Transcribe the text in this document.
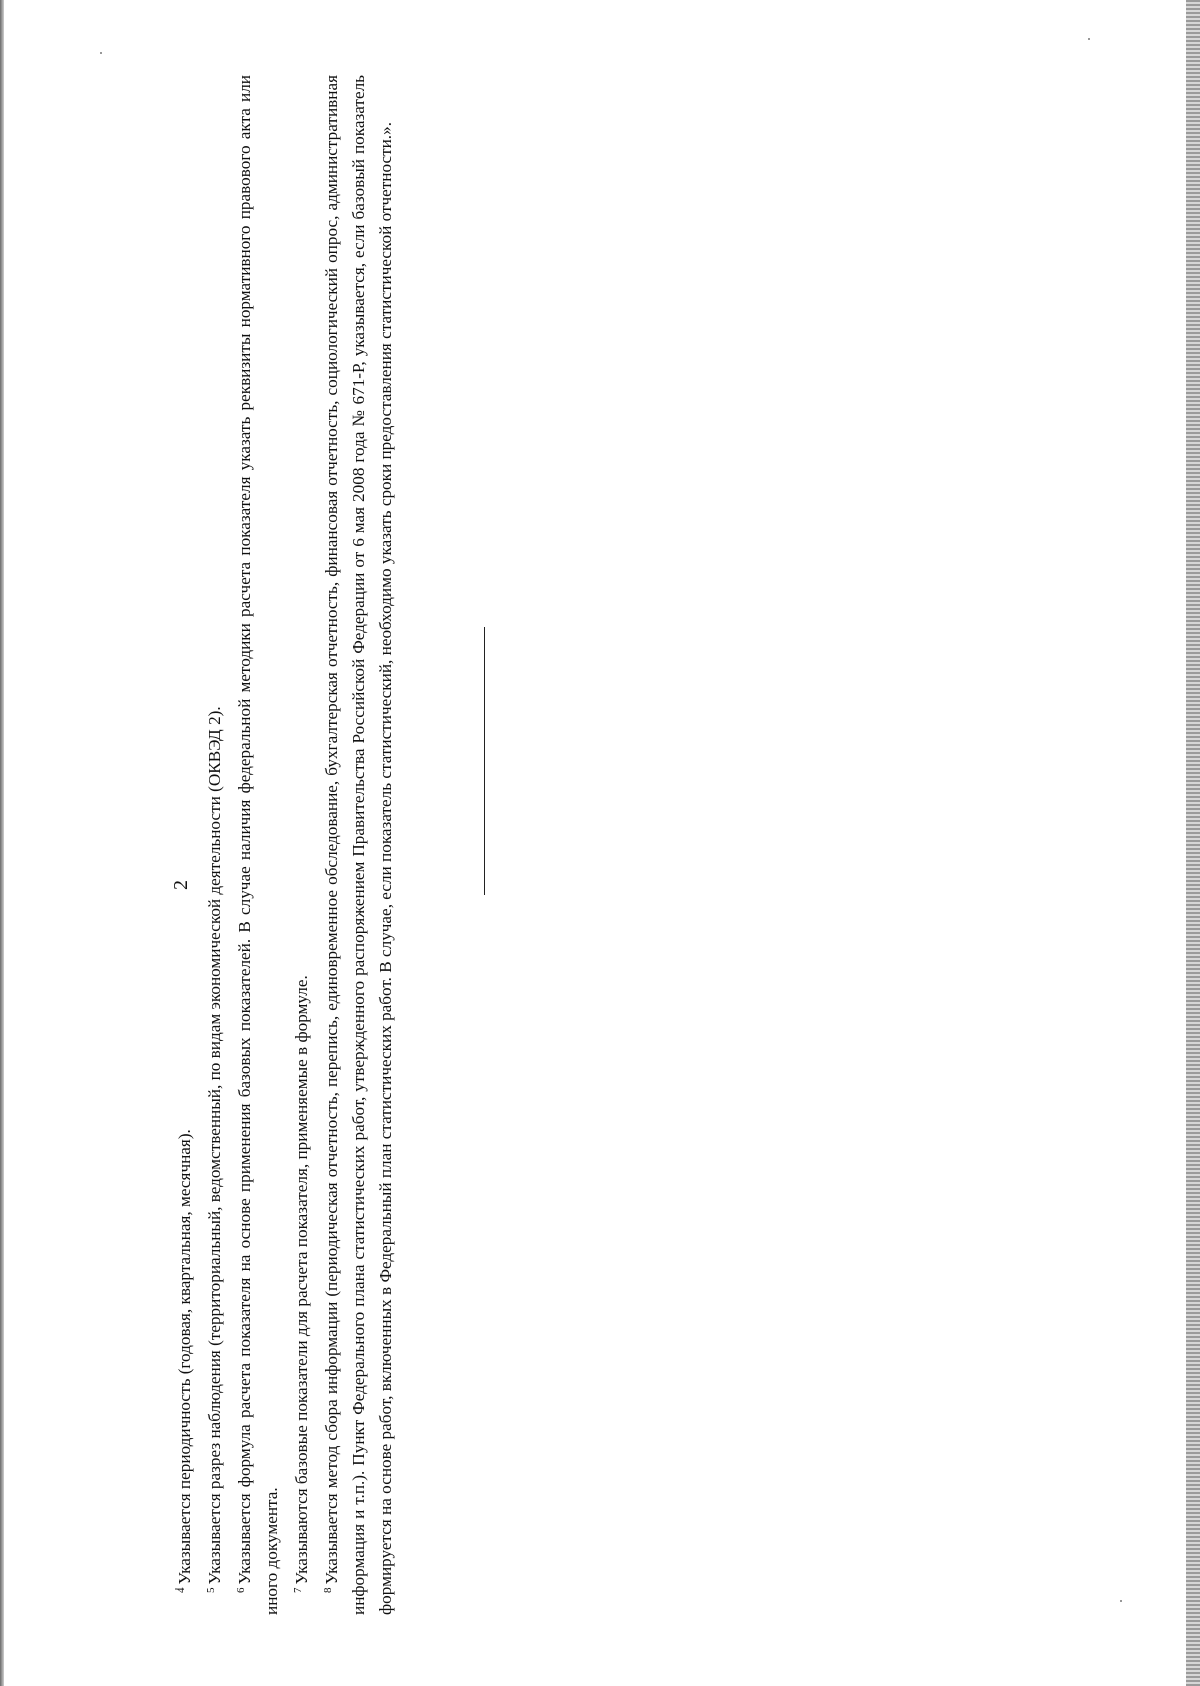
2

$^4$Указывается периодичность (годовая, квартальная, месячная).

$^5$Указывается разрез наблюдения (территориальный, ведомственный, по видам экономической деятельности (ОКВЭД 2).

$^6$Указывается формула расчета показателя на основе применения базовых показателей. В случае наличия федеральной методики расчета показателя указать реквизиты нормативного правового акта или иного документа.	$^7$Указываются базовые показатели для расчета показателя, применяемые в формуле.

$^8$Указывается метод сбора информации (периодическая отчетность, перепись, единовременное обследование, бухгалтерская отчетность, финансовая отчетность, социологический опрос, административная информация и т.п.). Пункт Федерального плана статистических работ, утвержденного распоряжением Правительства Российской Федерации от 6 мая 2008 года № 671-Р, указывается, если базовый показатель формируется на основе работ, включенных в Федеральный план статистических работ. В случае, если показатель статистический, необходимо указать сроки предоставления статистической отчетности.».
